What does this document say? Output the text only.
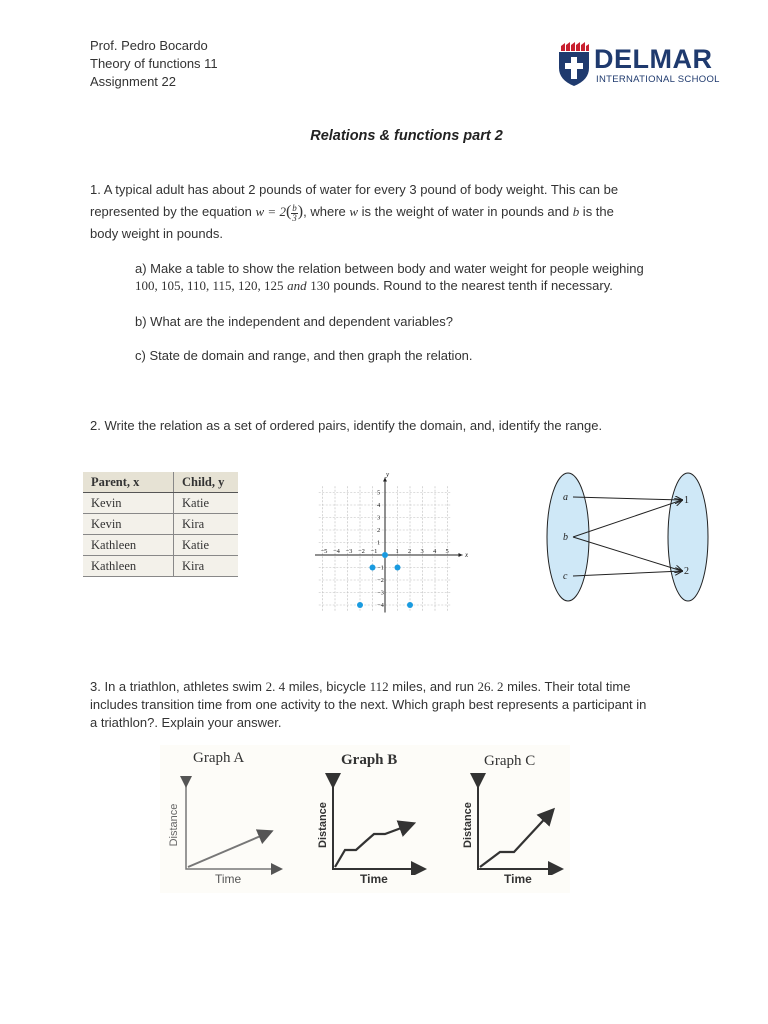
Prof. Pedro Bocardo
Theory of functions 11
Assignment 22
DELMAR
INTERNATIONAL SCHOOL
Relations & functions part 2
1. A typical adult has about 2 pounds of water for every 3 pound of body weight. This can be
represented by the equation $w = 2( \frac{b}{3}$ ), where w is the weight of water in pounds and b is the
body weight in pounds.
a) Make a table to show the relation between body and water weight for people weighing
100, 105, 110, 115, 120, 125 and 130 pounds. Round to the nearest tenth if necessary.
b) What are the independent and dependent variables?
c) State de domain and range, and then graph the relation.
2. Write the relation as a set of ordered pairs, identify the domain, and, identify the range.
Parent, x	Child, y
Kevin	Katie
Kevin	Kira
Kathleen	Katie
Kathleen	Kira
x
y
−5 −4 −3 −2 −1	1 2 3 4 5
5
4
3
2
1
−1
−2
−3
−4
a
b
c
1
2
3. In a triathlon, athletes swim 2. 4 miles, bicycle 112 miles, and run 26. 2 miles. Their total time
includes transition time from one activity to the next. Which graph best represents a participant in
a triathlon?. Explain your answer.
Graph A	Graph B	Graph C
Time	Time	Time
Distance	Distance	Distance
